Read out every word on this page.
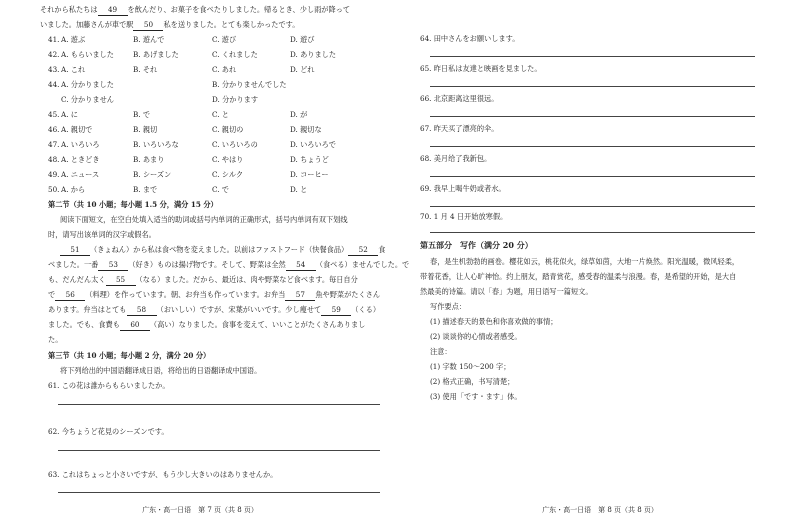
それから私たちは 49 を飲んだり、お菓子を食べたりしました。帰るとき、少し雨が降って
いました。加藤さんが車で駅 50 私を送りました。とても楽しかったです。
41. A. 遊ぶ	B. 遊んで	C. 遊び	D. 遊び
42. A. もらいました	B. あげました	C. くれました	D. ありました
43. A. これ	B. それ	C. あれ	D. どれ
44. A. 分かりました	B. 分かりませんでした
C. 分かりません	D. 分かります
45. A. に	B. で	C. と	D. が
46. A. 親切で	B. 親切	C. 親切の	D. 親切な
47. A. いろいろ	B. いろいろな	C. いろいろの	D. いろいろで
48. A. ときどき	B. あまり	C. やはり	D. ちょうど
49. A. ニュース	B. シーズン	C. シルク	D. コーヒー
50. A. から	B. まで	C. で	D. と
第二节（共 10 小题；每小题 1.5 分，满分 15 分）
阅读下面短文，在空白处填入适当的助词或括号内单词的正确形式，括号内单词有双下划线
时，请写出该单词的汉字或假名。
51 （きょねん）から私は食べ物を変えました。以前はファストフード（快餐食品） 52 食
べました。一番 53 （好き）ものは揚げ物です。そして、野菜は全然 54 （食べる）ませんでした。で
も、だんだん太く 55 （なる）ました。だから、最近は、肉や野菜など食べます。毎日自分
で 56 （料理）を作っています。朝、お弁当も作っています。お弁当 57 魚や野菜がたくさん
あります。弁当はとても 58 （おいしい）ですが、宋葉がいいです。少し痩せて 59 （くる）
ました。でも、食費も 60 （高い）なりました。食事を変えて、いいことがたくさんありまし
た。
第三节（共 10 小题；每小题 2 分，满分 20 分）
将下列给出的中国语翻译成日语，将给出的日语翻译成中国语。
61. この花は誰からもらいましたか。
62. 今ちょうど花見のシーズンです。
63. これはちょっと小さいですが、もう少し大きいのはありませんか。
广东・高一日语　第 7 页（共 8 页）
64. 田中さんをお願いします。
65. 昨日私は友達と映画を見ました。
66. 北京距离这里很远。
67. 昨天买了漂亮的伞。
68. 美月给了我新包。
69. 我早上喝牛奶或者水。
70. 1 月 4 日开始放寒假。
第五部分　写作（满分 20 分）
春，是生机勃勃的画卷。樱花如云，桃花似火，绿草如茵，大地一片焕然。阳光温暖，微风轻柔，
带着花香，让人心旷神怡。约上朋友，踏青赏花，感受春的温柔与浪漫。春，是希望的开始，是大自
然最美的诗篇。请以「春」为题，用日语写一篇短文。
写作要点：
(1) 描述春天的景色和你喜欢做的事情；
(2) 谈谈你的心情或者感受。
注意：
(1) 字数 150～200 字；
(2) 格式正确，书写清楚；
(3) 使用「です・ます」体。
广东・高一日语　第 8 页（共 8 页）
